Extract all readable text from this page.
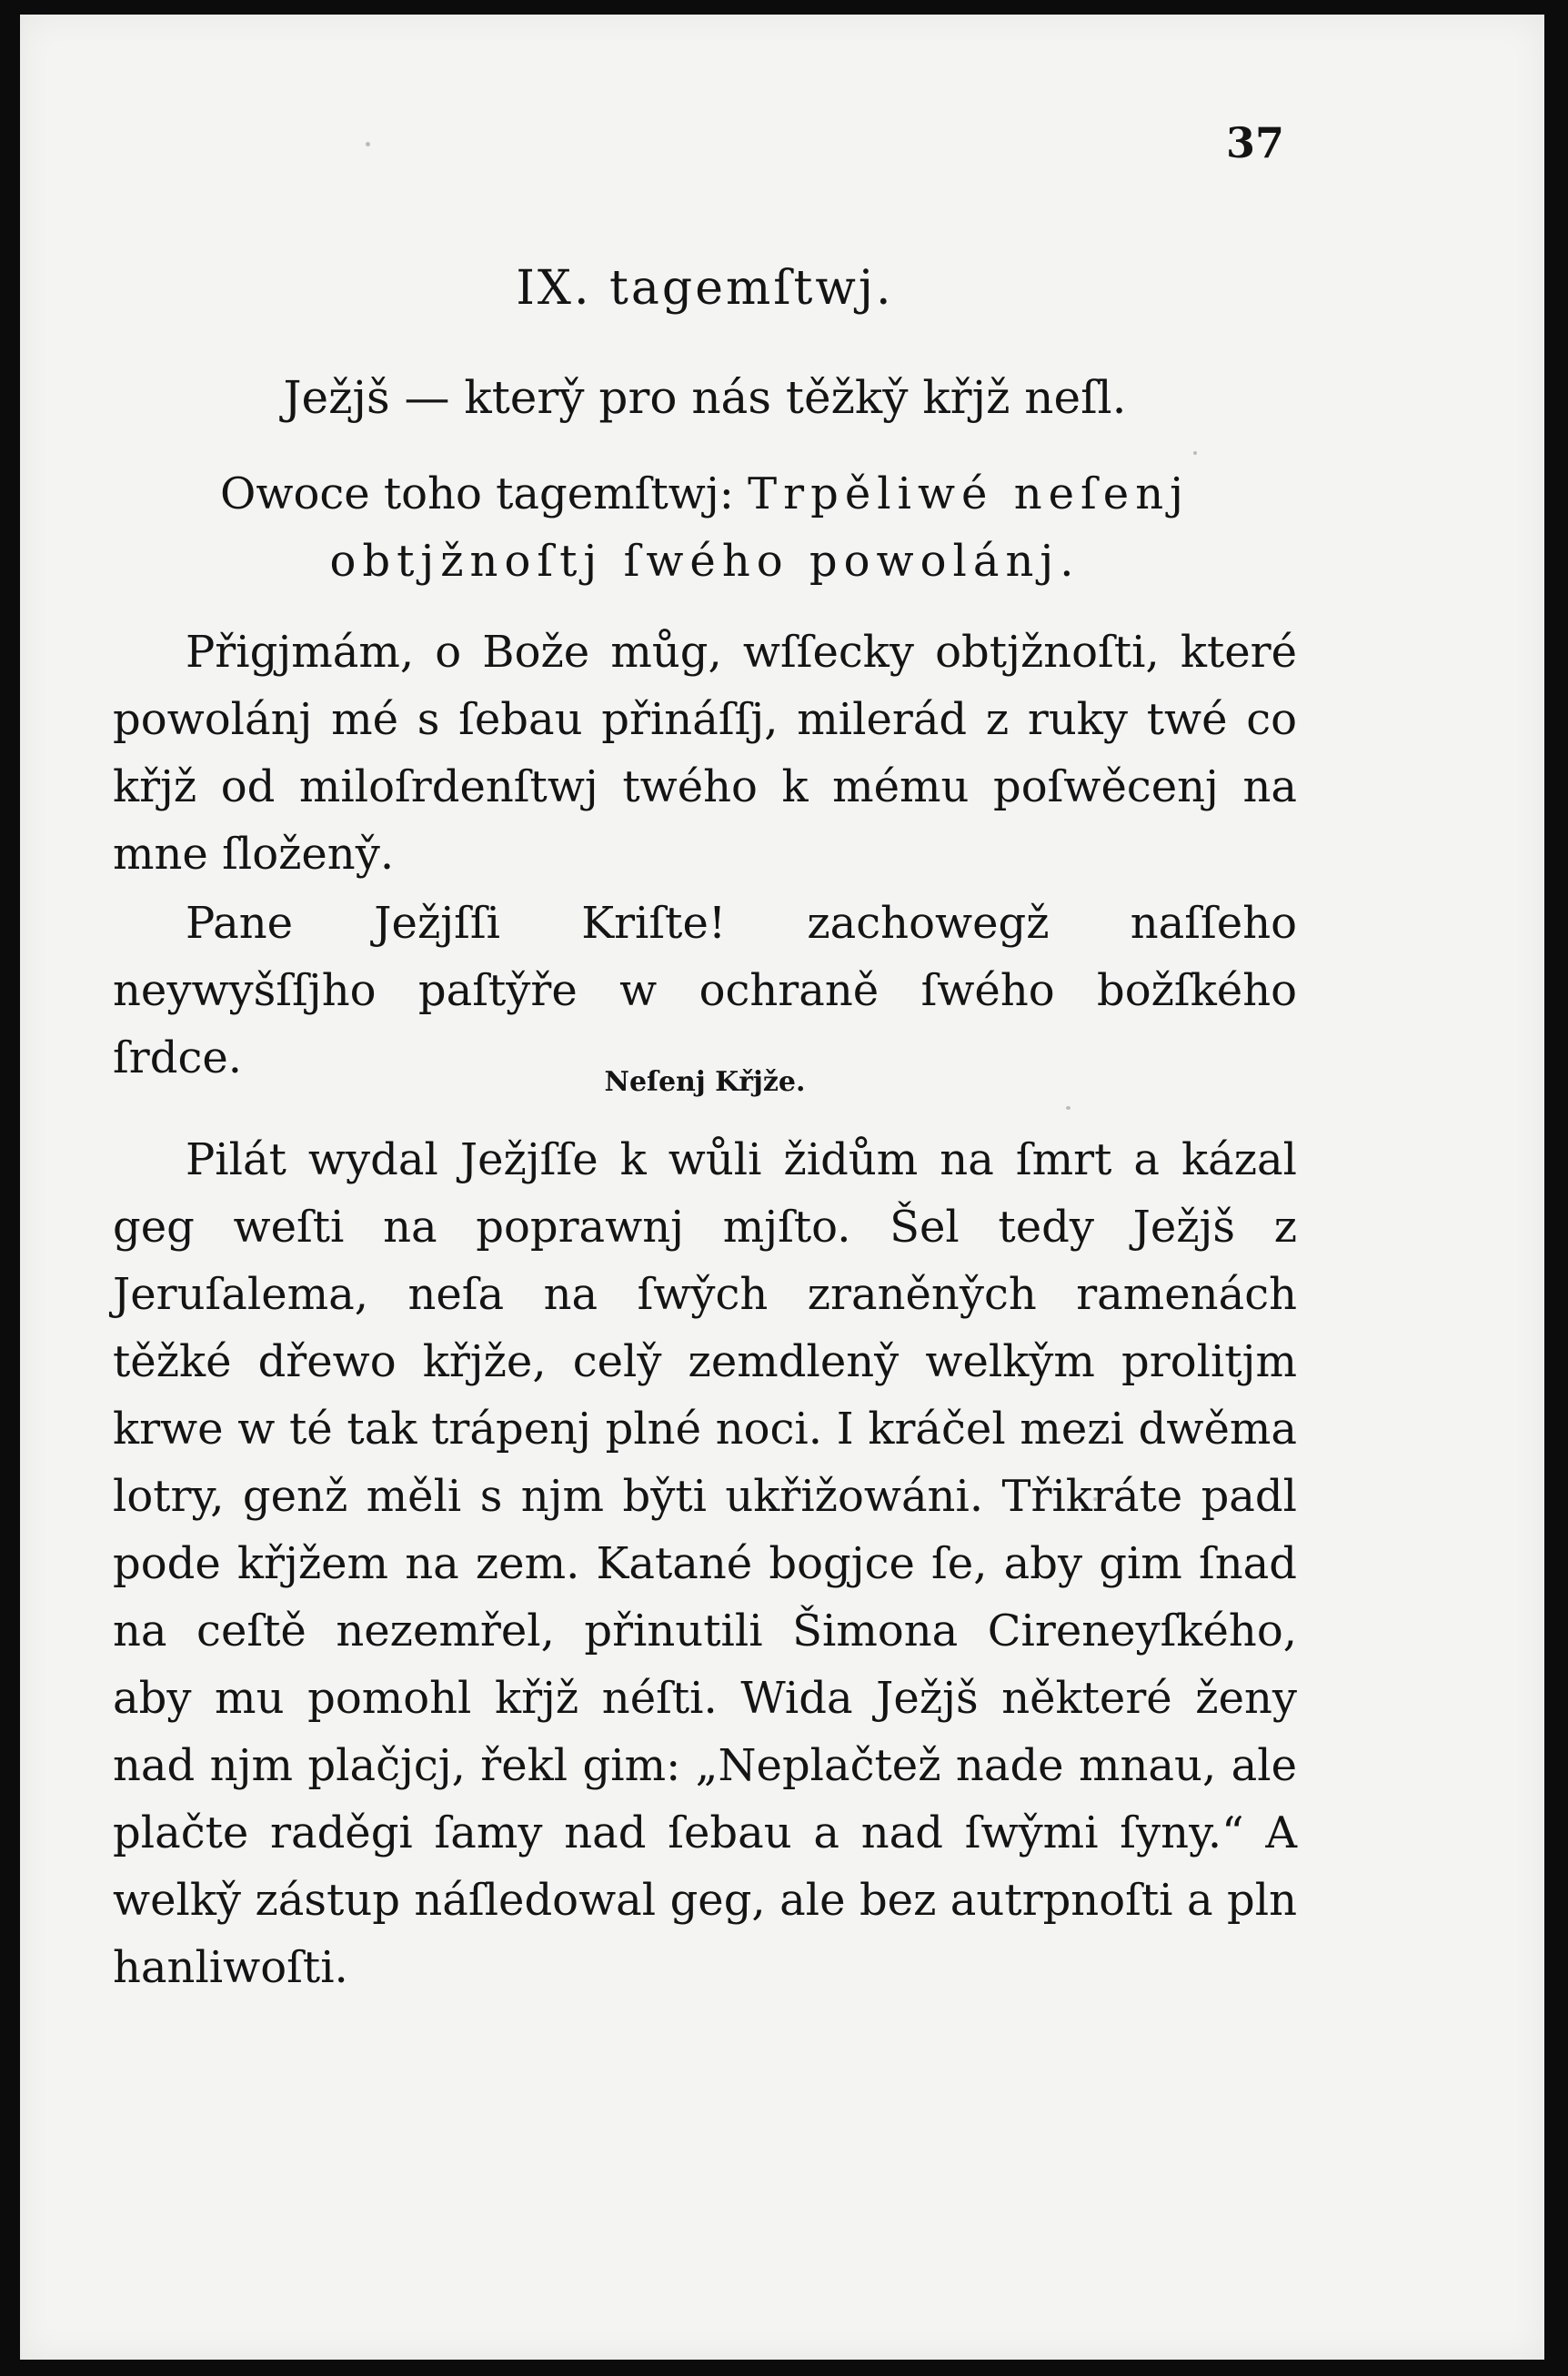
37
IX. tagemſtwj.
Ježjš — ktery̌ pro nás těžky̌ křjž neſl.
Owoce toho tagemſtwj: Trpěliwé neſenj obtjžnoſtj ſwého powolánj.

Přigjmám, o Bože můg, wſſecky obtjžnoſti, které powolánj mé s ſebau přináſſj, milerád z ruky twé co křjž od miloſrdenſtwj twého k mému poſwěcenj na mne ſloženy̌.

Pane Ježjſſi Kriſte! zachowegž naſſeho neywyšſſjho paſty̌ře w ochraně ſwého božſkého ſrdce.	Neſenj Křjže.

Pilát wydal Ježjſſe k wůli židům na ſmrt a kázal geg weſti na poprawnj mjſto. Šel tedy Ježjš z Jeruſalema, neſa na ſwy̌ch zraněny̌ch ramenách těžké dřewo křjže, cely̌ zemdleny̌ welky̌m prolitjm krwe w té tak trápenj plné noci. I kráčel mezi dwěma lotry, genž měli s njm by̌ti ukřižowáni. Třikráte padl pode křjžem na zem. Katané bogjce ſe, aby gim ſnad na ceſtě nezemřel, přinutili Šimona Cireneyſkého, aby mu pomohl křjž néſti. Wida Ježjš některé ženy nad njm plačjcj, řekl gim: „Neplačtež nade mnau, ale plačte raděgi ſamy nad ſebau a nad ſwy̌mi ſyny.“ A welky̌ zástup náſledowal geg, ale bez autrpnoſti a pln hanliwoſti.
